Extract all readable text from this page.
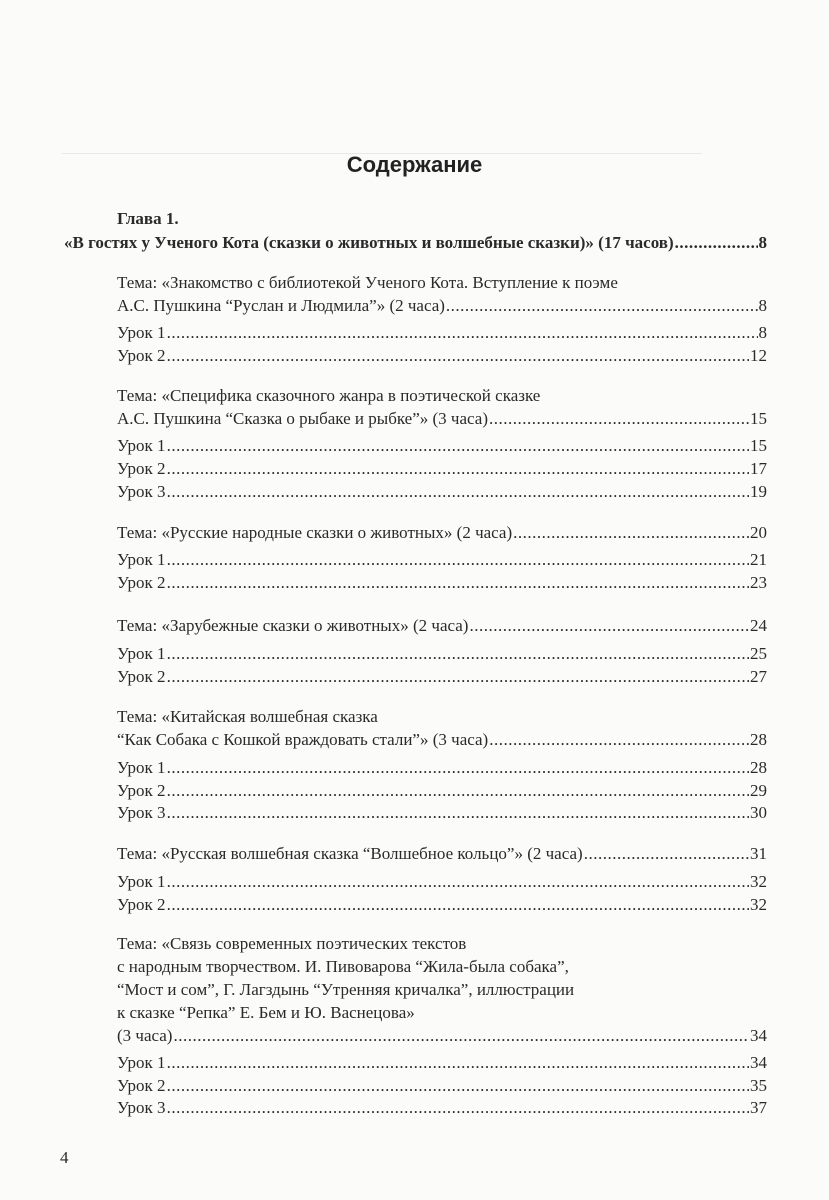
Содержание
4
Глава 1.
«В гостях у Ученого Кота (сказки о животных и волшебные сказки)» (17 часов) .....	8
Тема: «Знакомство с библиотекой Ученого Кота. Вступление к поэме
А.С. Пушкина “Руслан и Людмила”» (2 часа) .....	8
Урок 1 .....	8
Урок 2 .....	12
Тема: «Специфика сказочного жанра в поэтической сказке
А.С. Пушкина “Сказка о рыбаке и рыбке”» (3 часа) .....	15
Урок 1 .....	15
Урок 2 .....	17
Урок 3 .....	19
Тема: «Русские народные сказки о животных» (2 часа) .....	20
Урок 1 .....	21
Урок 2 .....	23
Тема: «Зарубежные сказки о животных» (2 часа) .....	24
Урок 1 .....	25
Урок 2 .....	27
Тема: «Китайская волшебная сказка
“Как Собака с Кошкой враждовать стали”» (3 часа) .....	28
Урок 1 .....	28
Урок 2 .....	29
Урок 3 .....	30
Тема: «Русская волшебная сказка “Волшебное кольцо”» (2 часа) .....	31
Урок 1 .....	32
Урок 2 .....	32
Тема: «Связь современных поэтических текстов
с народным творчеством. И. Пивоварова “Жила-была собака”,
“Мост и сом”, Г. Лагздынь “Утренняя кричалка”, иллюстрации
к сказке “Репка” Е. Бем и Ю. Васнецова»
(3 часа) .....	34
Урок 1 .....	34
Урок 2 .....	35
Урок 3 .....	37
